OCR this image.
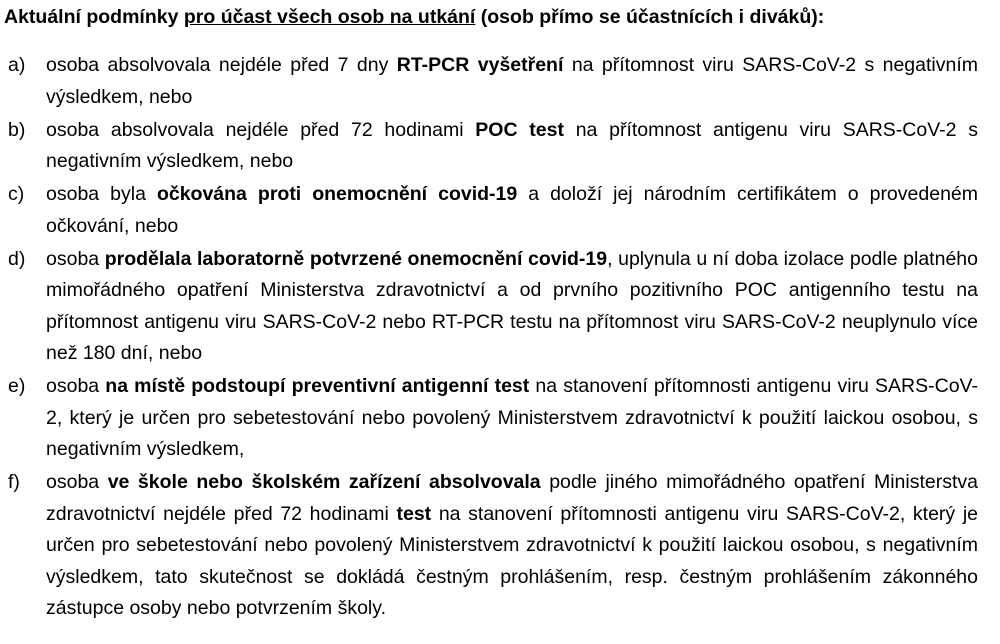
Aktuální podmínky pro účast všech osob na utkání (osob přímo se účastnících i diváků):
a) osoba absolvovala nejdéle před 7 dny RT-PCR vyšetření na přítomnost viru SARS-CoV-2 s negativním výsledkem, nebo
b) osoba absolvovala nejdéle před 72 hodinami POC test na přítomnost antigenu viru SARS-CoV-2 s negativním výsledkem, nebo
c) osoba byla očkována proti onemocnění covid-19 a doloží jej národním certifikátem o provedeném očkování, nebo
d) osoba prodělala laboratorně potvrzené onemocnění covid-19, uplynula u ní doba izolace podle platného mimořádného opatření Ministerstva zdravotnictví a od prvního pozitivního POC antigenního testu na přítomnost antigenu viru SARS-CoV-2 nebo RT-PCR testu na přítomnost viru SARS-CoV-2 neuplynulo více než 180 dní, nebo
e) osoba na místě podstoupí preventivní antigenní test na stanovení přítomnosti antigenu viru SARS-CoV-2, který je určen pro sebetestování nebo povolený Ministerstvem zdravotnictví k použití laickou osobou, s negativním výsledkem,
f) osoba ve škole nebo školském zařízení absolvovala podle jiného mimořádného opatření Ministerstva zdravotnictví nejdéle před 72 hodinami test na stanovení přítomnosti antigenu viru SARS-CoV-2, který je určen pro sebetestování nebo povolený Ministerstvem zdravotnictví k použití laickou osobou, s negativním výsledkem, tato skutečnost se dokládá čestným prohlášením, resp. čestným prohlášením zákonného zástupce osoby nebo potvrzením školy.
